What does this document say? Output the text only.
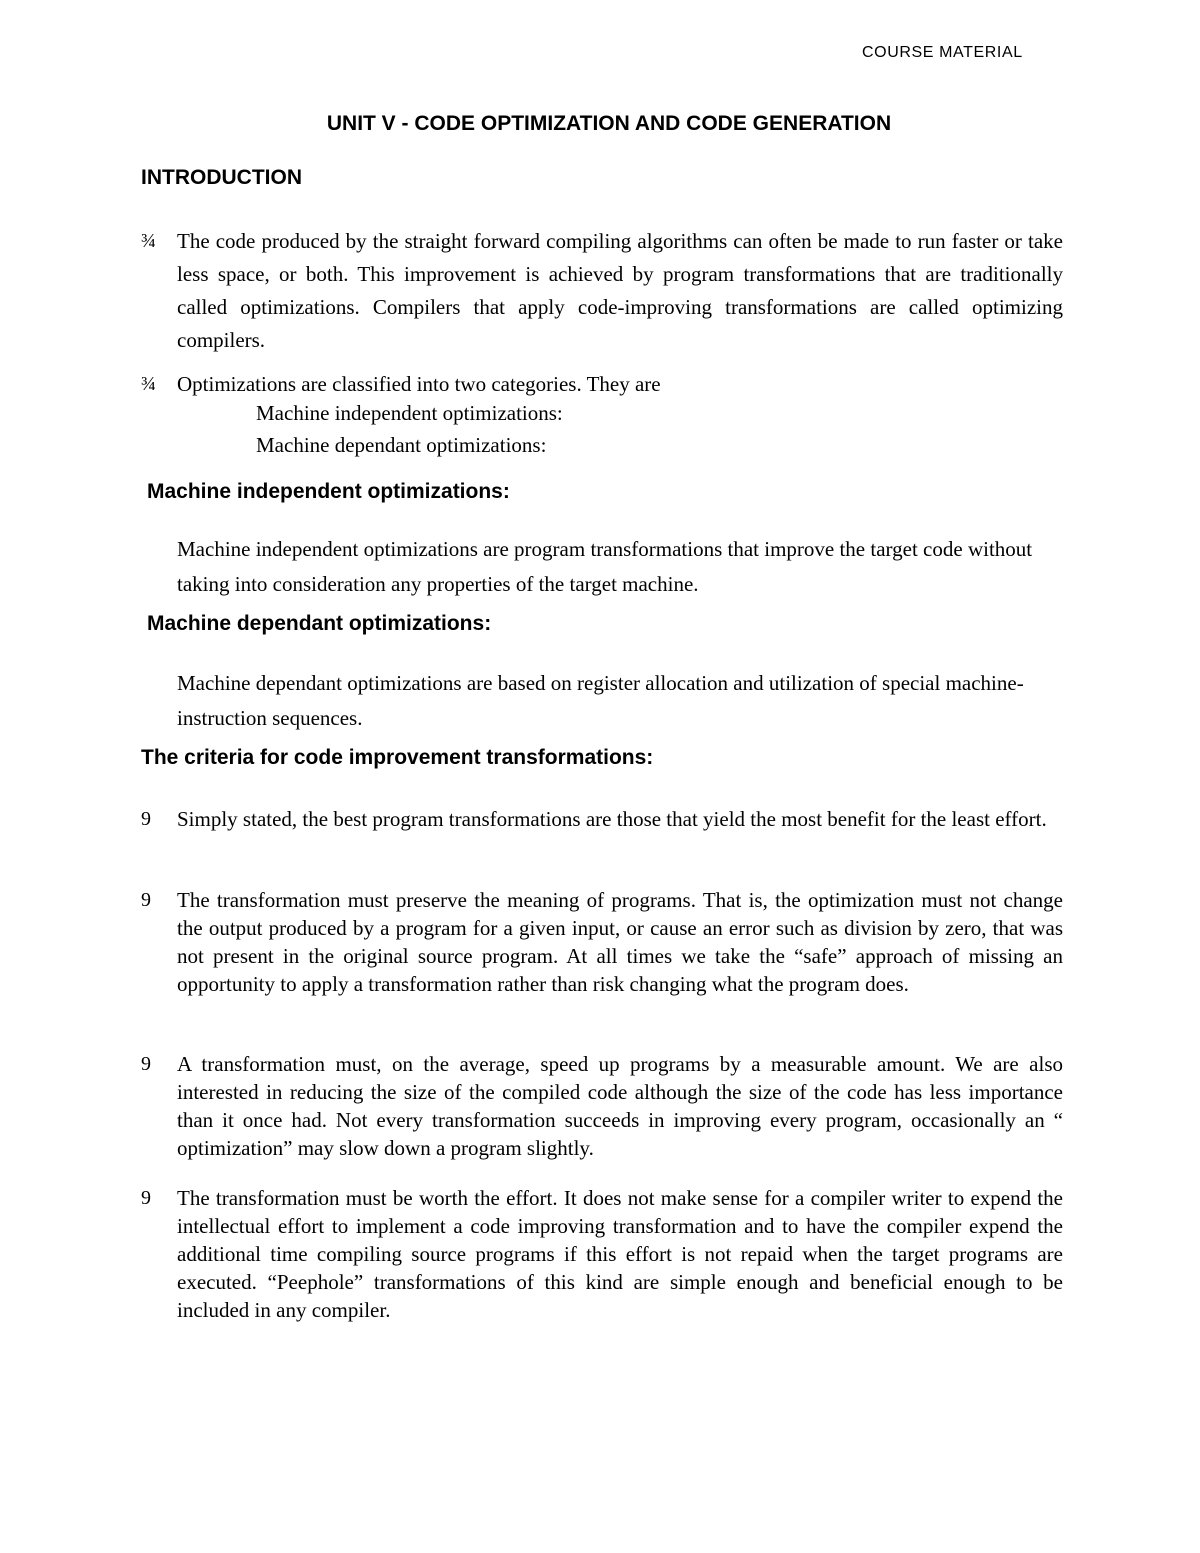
COURSE MATERIAL
UNIT V - CODE OPTIMIZATION AND CODE GENERATION
INTRODUCTION
¾ The code produced by the straight forward compiling algorithms can often be made to run faster or take less space, or both. This improvement is achieved by program transformations that are traditionally called optimizations. Compilers that apply code-improving transformations are called optimizing compilers.
¾ Optimizations are classified into two categories. They are
Machine independent optimizations:
Machine dependant optimizations:
Machine independent optimizations:
Machine independent optimizations are program transformations that improve the target code without taking into consideration any properties of the target machine.
Machine dependant optimizations:
Machine dependant optimizations are based on register allocation and utilization of special machine-instruction sequences.
The criteria for code improvement transformations:
9 Simply stated, the best program transformations are those that yield the most benefit for the least effort.
9 The transformation must preserve the meaning of programs. That is, the optimization must not change the output produced by a program for a given input, or cause an error such as division by zero, that was not present in the original source program. At all times we take the “safe” approach of missing an opportunity to apply a transformation rather than risk changing what the program does.
9 A transformation must, on the average, speed up programs by a measurable amount. We are also interested in reducing the size of the compiled code although the size of the code has less importance than it once had. Not every transformation succeeds in improving every program, occasionally an “ optimization” may slow down a program slightly.
9 The transformation must be worth the effort. It does not make sense for a compiler writer to expend the intellectual effort to implement a code improving transformation and to have the compiler expend the additional time compiling source programs if this effort is not repaid when the target programs are executed. “Peephole” transformations of this kind are simple enough and beneficial enough to be included in any compiler.
